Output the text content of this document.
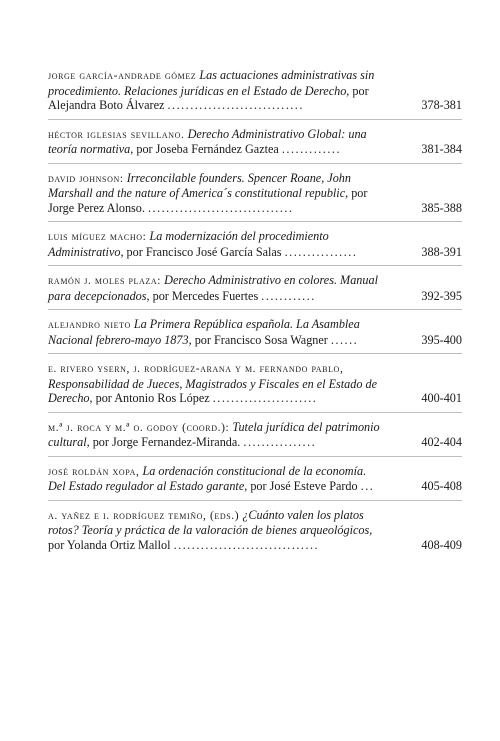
jorge garcía-andrade gómez Las actuaciones administrativas sin procedimiento. Relaciones jurídicas en el Estado de Derecho, por Alejandra Boto Álvarez ..............................	378-381
héctor iglesias sevillano. Derecho Administrativo Global: una teoría normativa, por Joseba Fernández Gaztea .............	381-384
david johnson: Irreconcilable founders. Spencer Roane, John Marshall and the nature of America´s constitutional republic, por Jorge Perez Alonso. ................................	385-388
luis míguez macho: La modernización del procedimiento Administrativo, por Francisco José García Salas ................	388-391
ramón j. moles plaza: Derecho Administrativo en colores. Manual para decepcionados, por Mercedes Fuertes ............	392-395
alejandro nieto La Primera República española. La Asamblea Nacional febrero-mayo 1873, por Francisco Sosa Wagner ......	395-400
e. rivero ysern, j. rodríguez-arana y m. fernando pablo, Responsabilidad de Jueces, Magistrados y Fiscales en el Estado de Derecho, por Antonio Ros López .......................	400-401
m.ª j. roca y m.ª o. godoy (coord.): Tutela jurídica del patrimonio cultural, por Jorge Fernandez-Miranda. ................	402-404
josé roldán xopa, La ordenación constitucional de la economía. Del Estado regulador al Estado garante, por José Esteve Pardo ...	405-408
a. yañez e i. rodríguez temiño, (eds.) ¿Cuánto valen los platos rotos? Teoría y práctica de la valoración de bienes arqueológicos, por Yolanda Ortiz Mallol ................................	408-409
